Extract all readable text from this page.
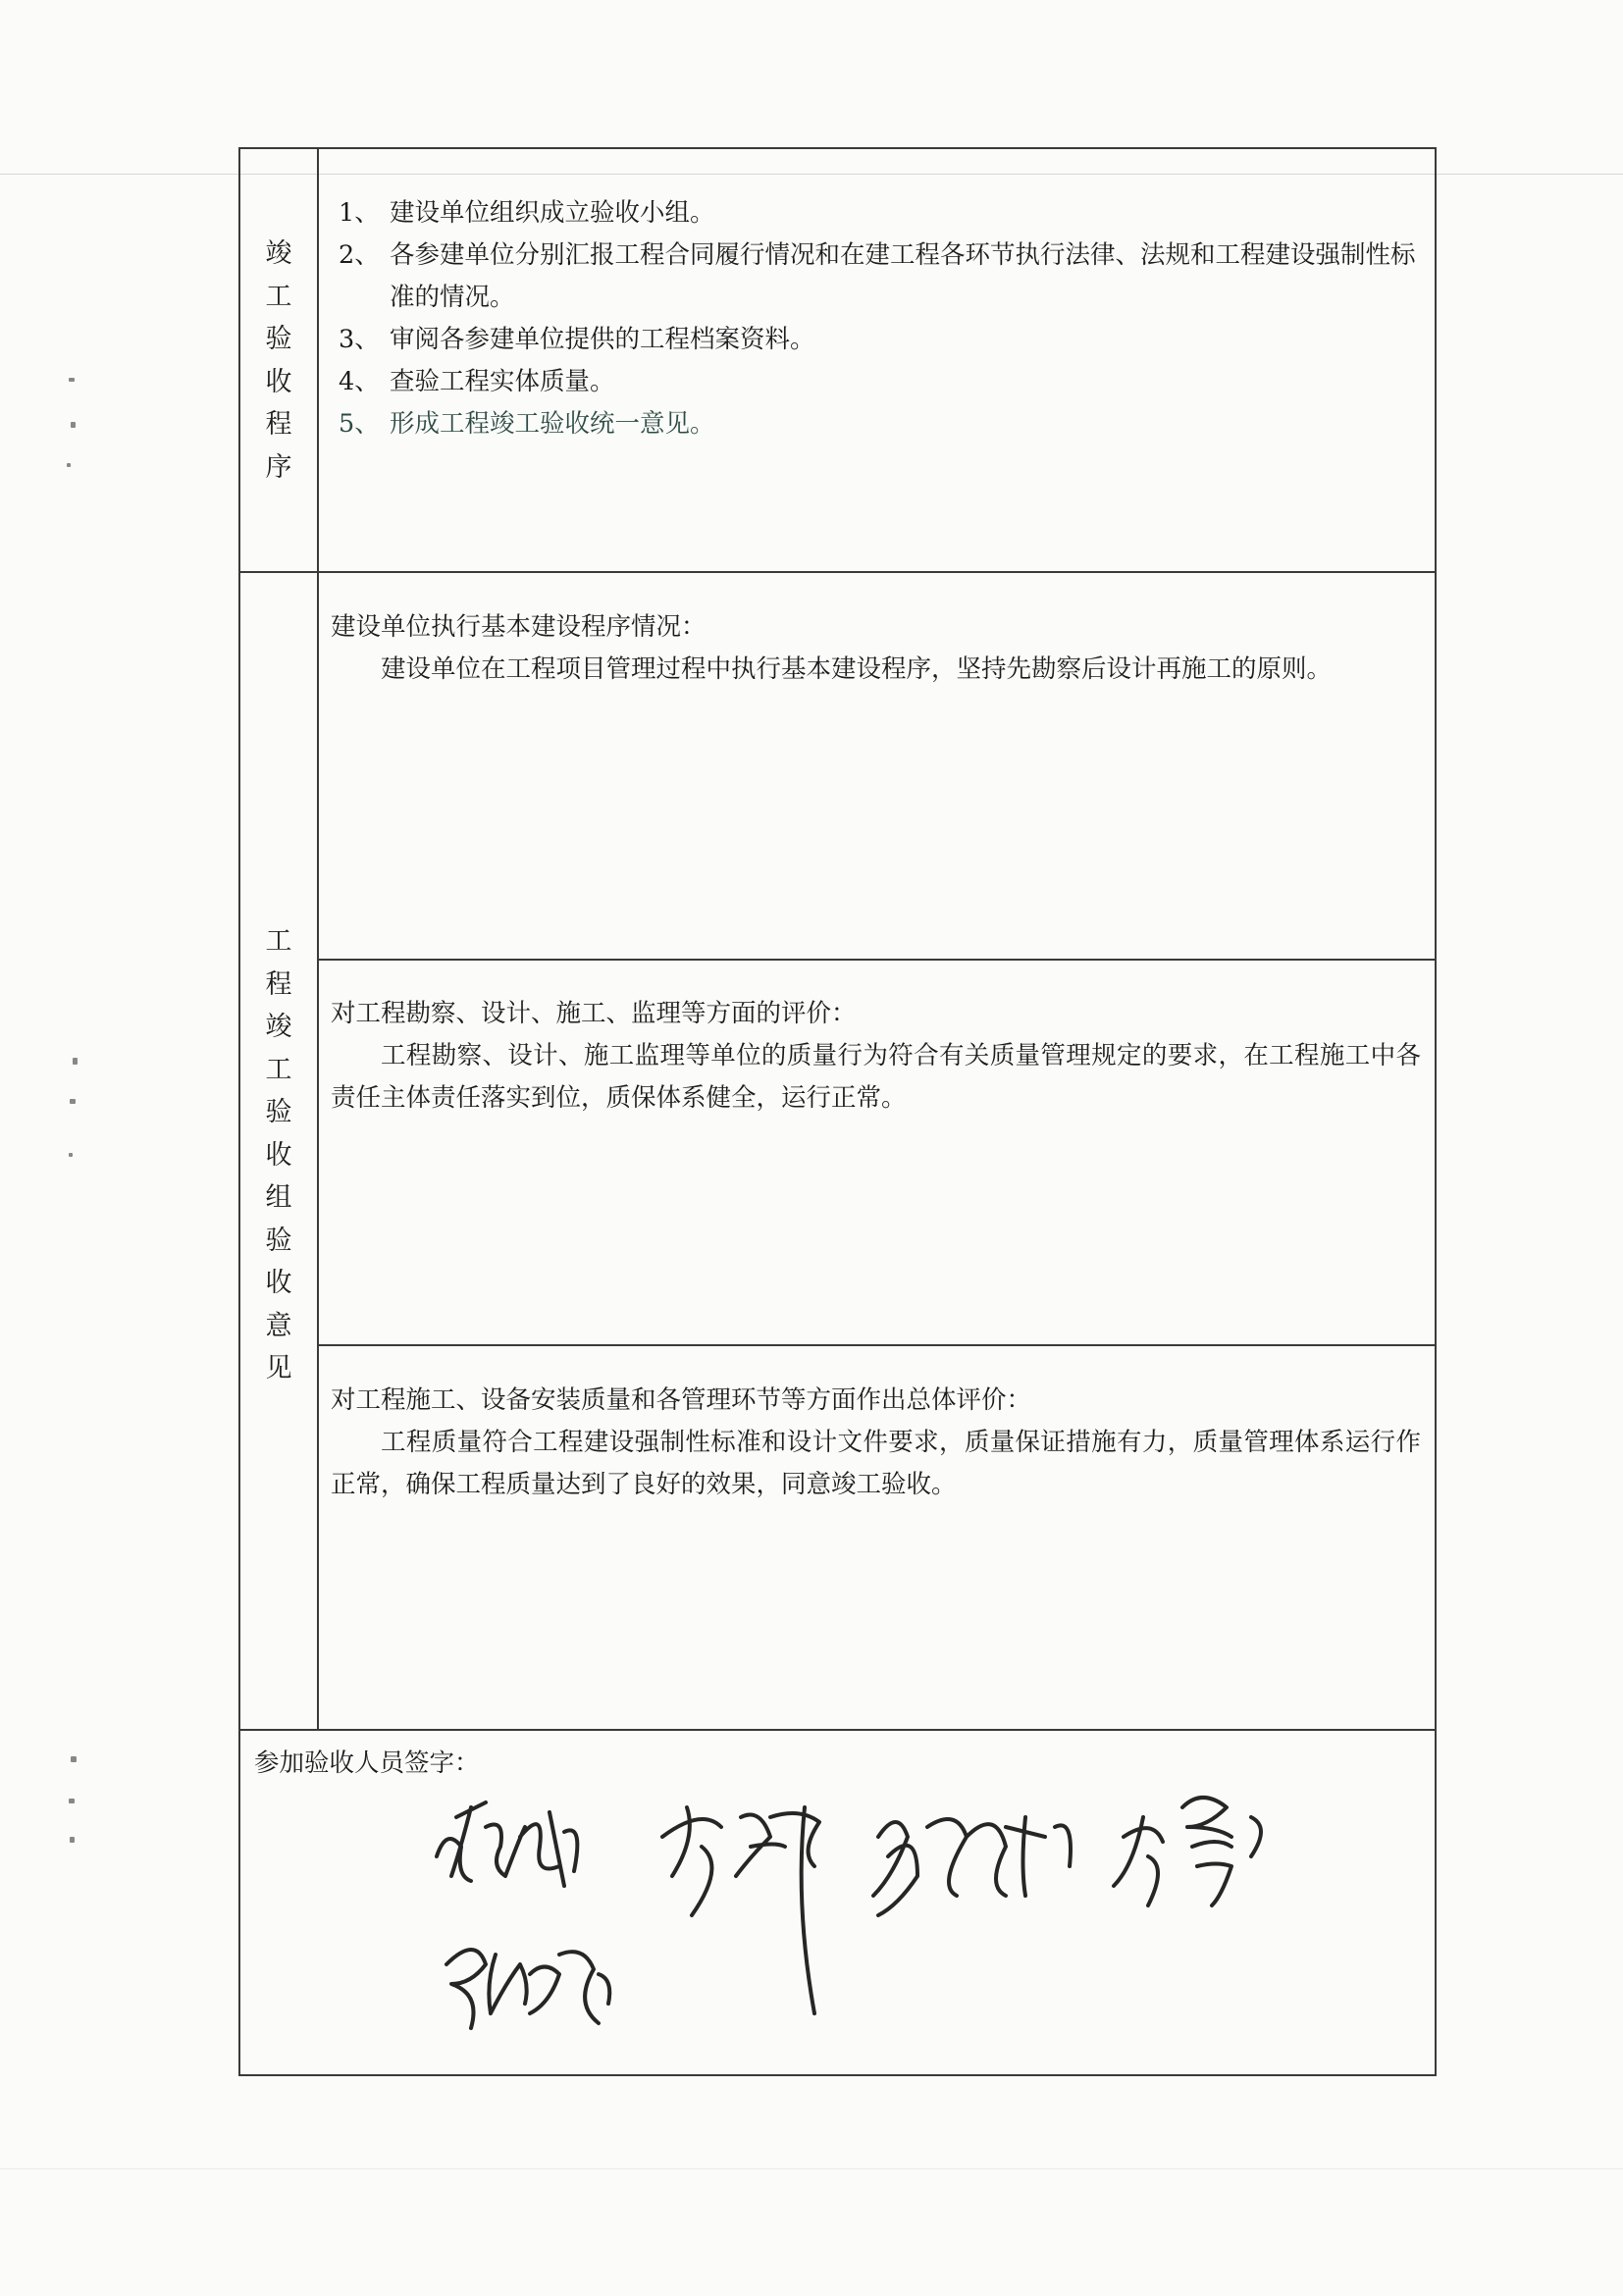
竣
工
验
收
程
序
1、 建设单位组织成立验收小组。
2、 各参建单位分别汇报工程合同履行情况和在建工程各环节执行法律、法规和工程建设强制性标准的情况。
3、 审阅各参建单位提供的工程档案资料。
4、 查验工程实体质量。
5、 形成工程竣工验收统一意见。
工
程
竣
工
验
收
组
验
收
意
见
建设单位执行基本建设程序情况：
建设单位在工程项目管理过程中执行基本建设程序，坚持先勘察后设计再施工的原则。
对工程勘察、设计、施工、监理等方面的评价：
工程勘察、设计、施工监理等单位的质量行为符合有关质量管理规定的要求，在工程施工中各责任主体责任落实到位，质保体系健全，运行正常。
对工程施工、设备安装质量和各管理环节等方面作出总体评价：
工程质量符合工程建设强制性标准和设计文件要求，质量保证措施有力，质量管理体系运行作正常，确保工程质量达到了良好的效果，同意竣工验收。
参加验收人员签字：
